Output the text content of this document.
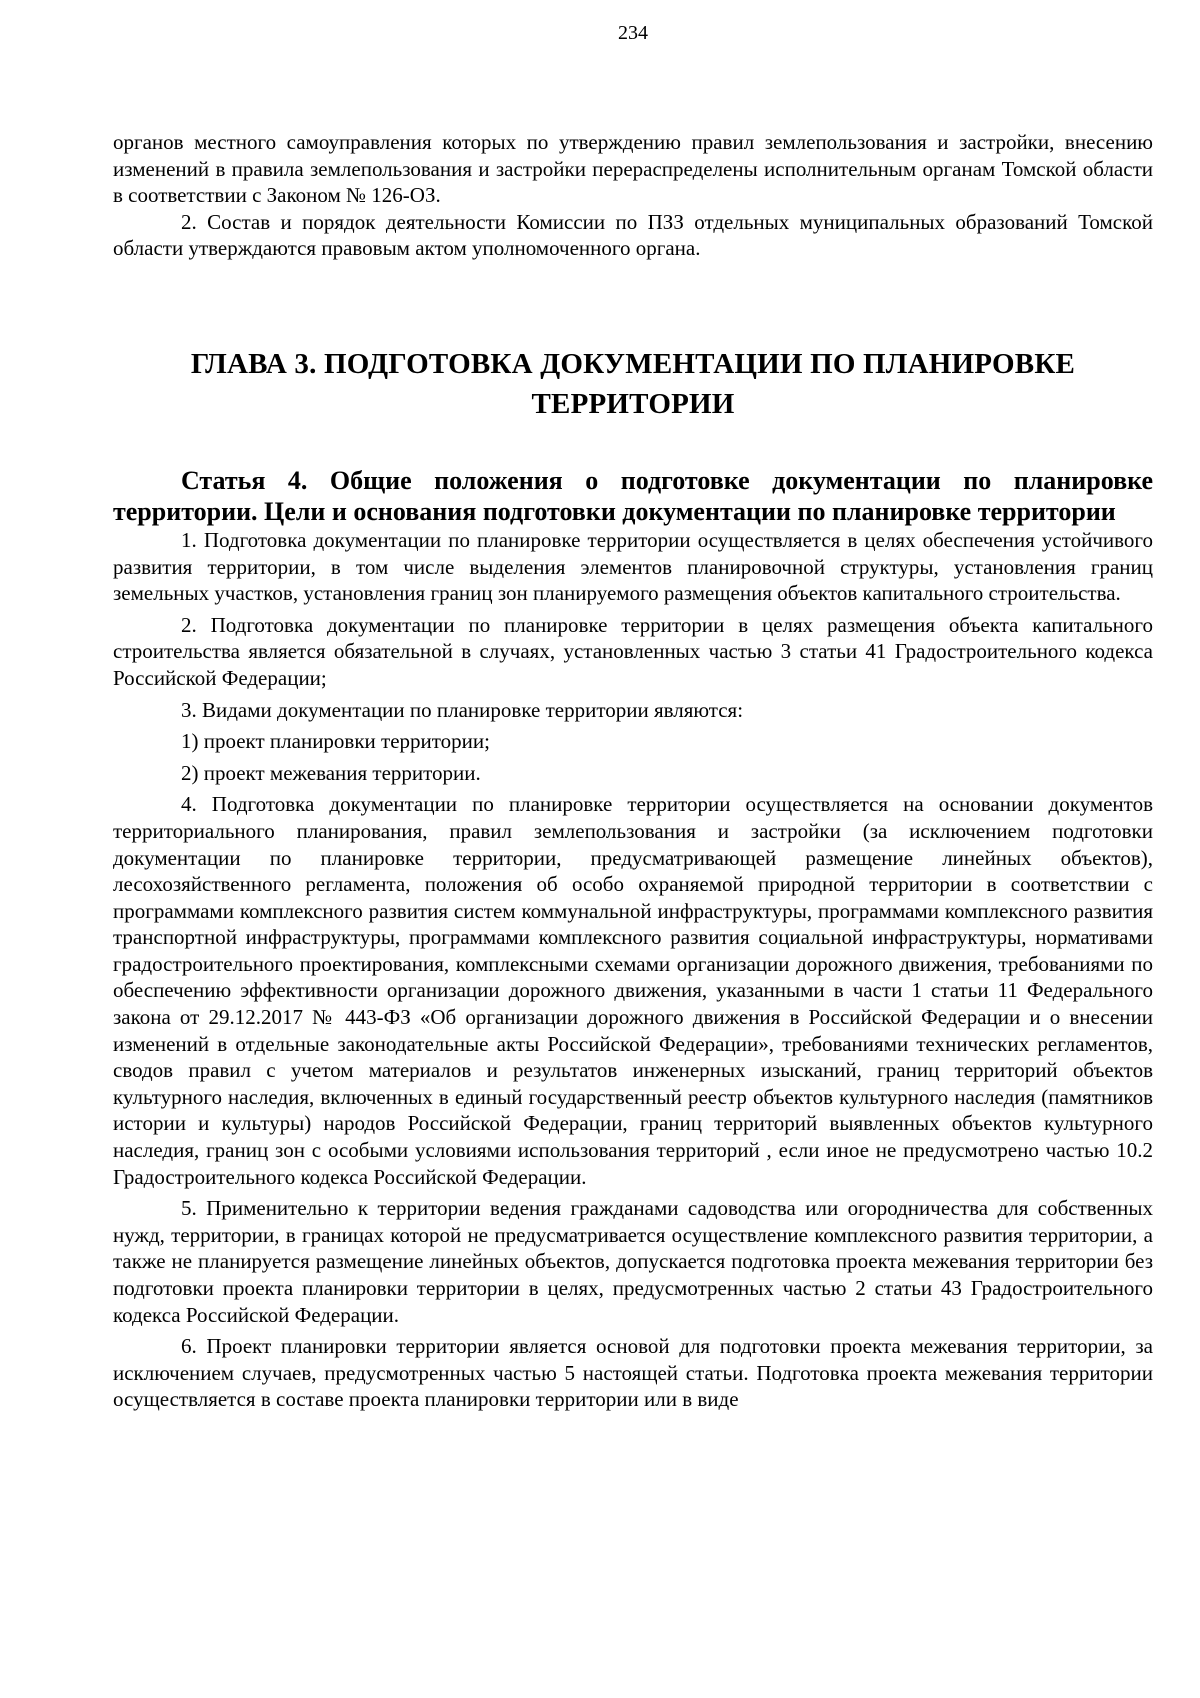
234

органов местного самоуправления которых по утверждению правил землепользования и застройки, внесению изменений в правила землепользования и застройки перераспределены исполнительным органам Томской области в соответствии с Законом № 126-ОЗ.

2. Состав и порядок деятельности Комиссии по ПЗЗ отдельных муниципальных образований Томской области утверждаются правовым актом уполномоченного органа.

ГЛАВА 3. ПОДГОТОВКА ДОКУМЕНТАЦИИ ПО ПЛАНИРОВКЕ
ТЕРРИТОРИИ
Статья 4. Общие положения о подготовке документации по планировке территории. Цели и основания подготовки документации по планировке территории

1. Подготовка документации по планировке территории осуществляется в целях обеспечения устойчивого развития территории, в том числе выделения элементов планировочной структуры, установления границ земельных участков, установления границ зон планируемого размещения объектов капитального строительства.

2. Подготовка документации по планировке территории в целях размещения объекта капитального строительства является обязательной в случаях, установленных частью 3 статьи 41 Градостроительного кодекса Российской Федерации;

3. Видами документации по планировке территории являются:

1) проект планировки территории;

2) проект межевания территории.

4. Подготовка документации по планировке территории осуществляется на основании документов территориального планирования, правил землепользования и застройки (за исключением подготовки документации по планировке территории, предусматривающей размещение линейных объектов), лесохозяйственного регламента, положения об особо охраняемой природной территории в соответствии с программами комплексного развития систем коммунальной инфраструктуры, программами комплексного развития транспортной инфраструктуры, программами комплексного развития социальной инфраструктуры, нормативами градостроительного проектирования, комплексными схемами организации дорожного движения, требованиями по обеспечению эффективности организации дорожного движения, указанными в части 1 статьи 11 Федерального закона от 29.12.2017 № 443-ФЗ «Об организации дорожного движения в Российской Федерации и о внесении изменений в отдельные законодательные акты Российской Федерации», требованиями технических регламентов, сводов правил с учетом материалов и результатов инженерных изысканий, границ территорий объектов культурного наследия, включенных в единый государственный реестр объектов культурного наследия (памятников истории и культуры) народов Российской Федерации, границ территорий выявленных объектов культурного наследия, границ зон с особыми условиями использования территорий , если иное не предусмотрено частью 10.2 Градостроительного кодекса Российской Федерации.

5. Применительно к территории ведения гражданами садоводства или огородничества для собственных нужд, территории, в границах которой не предусматривается осуществление комплексного развития территории, а также не планируется размещение линейных объектов, допускается подготовка проекта межевания территории без подготовки проекта планировки территории в целях, предусмотренных частью 2 статьи 43 Градостроительного кодекса Российской Федерации.

6. Проект планировки территории является основой для подготовки проекта межевания территории, за исключением случаев, предусмотренных частью 5 настоящей статьи. Подготовка проекта межевания территории осуществляется в составе проекта планировки территории или в виде
